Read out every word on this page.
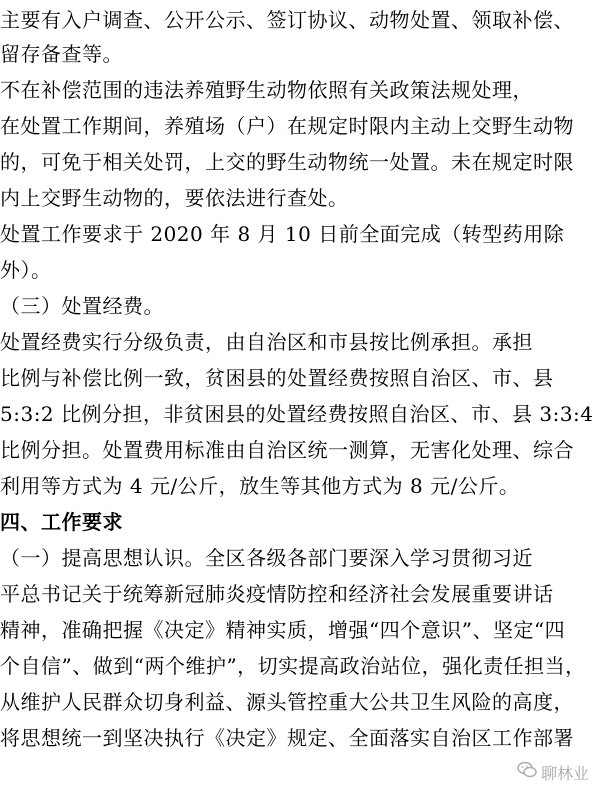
主要有入户调查、公开公示、签订协议、动物处置、领取补偿、
留存备查等。
不在补偿范围的违法养殖野生动物依照有关政策法规处理，
在处置工作期间，养殖场（户）在规定时限内主动上交野生动物
的，可免于相关处罚，上交的野生动物统一处置。未在规定时限
内上交野生动物的，要依法进行查处。
处置工作要求于 2020 年 8 月 10 日前全面完成（转型药用除
外）。
（三）处置经费。
处置经费实行分级负责，由自治区和市县按比例承担。承担
比例与补偿比例一致，贫困县的处置经费按照自治区、市、县
5:3:2 比例分担，非贫困县的处置经费按照自治区、市、县 3:3:4
比例分担。处置费用标准由自治区统一测算，无害化处理、综合
利用等方式为 4 元/公斤，放生等其他方式为 8 元/公斤。
四、工作要求
（一）提高思想认识。全区各级各部门要深入学习贯彻习近
平总书记关于统筹新冠肺炎疫情防控和经济社会发展重要讲话
精神，准确把握《决定》精神实质，增强“四个意识”、坚定“四
个自信”、做到“两个维护”，切实提高政治站位，强化责任担当，
从维护人民群众切身利益、源头管控重大公共卫生风险的高度，
将思想统一到坚决执行《决定》规定、全面落实自治区工作部署
聊林业
